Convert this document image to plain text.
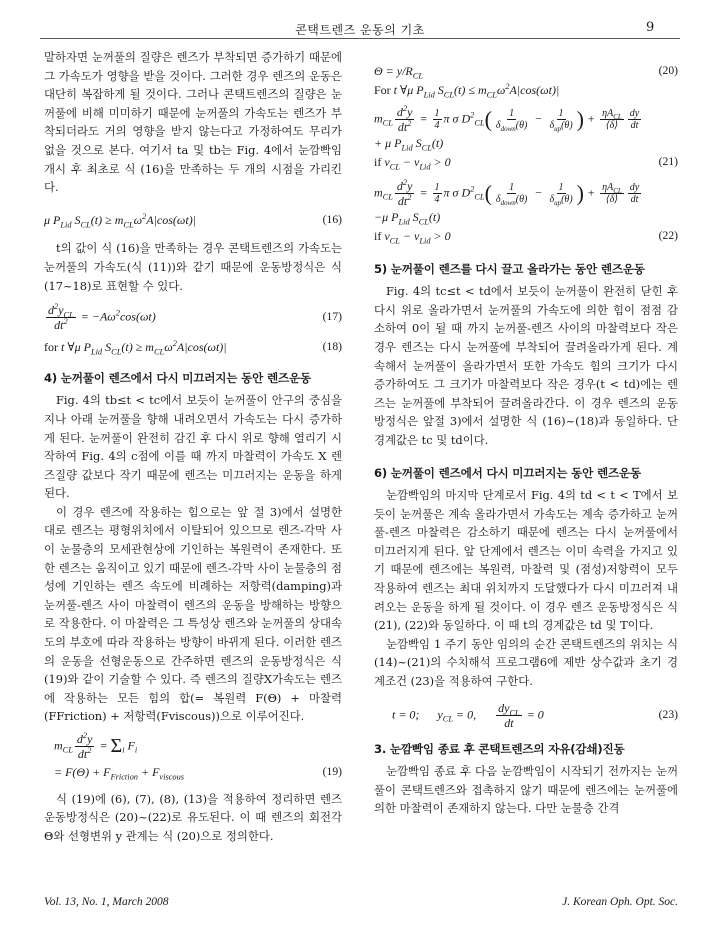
콘택트렌즈 운동의 기초	9

말하자면 눈꺼풀의 질량은 렌즈가 부착되면 증가하기 때문에 그 가속도가 영향을 받을 것이다. 그러한 경우 렌즈의 운동은 대단히 복잡하게 될 것이다. 그러나 콘택트렌즈의 질량은 눈꺼풀에 비해 미미하기 때문에 눈꺼풀의 가속도는 렌즈가 부착되더라도 거의 영향을 받지 않는다고 가정하여도 무리가 없을 것으로 본다. 여기서 ta 및 tb는 Fig. 4에서 눈깜빡임 개시 후 최초로 식 (16)을 만족하는 두 개의 시점을 가리킨다.

μ $P_{Lid}$ $S_{CL}(t) \ge m_{CL}\omega^2A|\cos(\omega t)|$	(16)

t의 값이 식 (16)을 만족하는 경우 콘택트렌즈의 가속도는 눈꺼풀의 가속도(식 (11))와 같기 때문에 운동방정식은 식 (17~18)로 표현할 수 있다.

$\frac{d^2y_{CL}}{dt^2} = -A\omega^2\cos(\omega t)$	(17)
for t ∀μ $P_{Lid}$ $S_{CL}(t) \ge m_{CL}\omega^2A|\cos(\omega t)|$	(18)
4) 눈꺼풀이 렌즈에서 다시 미끄러지는 동안 렌즈운동

Fig. 4의 tb≤t < tc에서 보듯이 눈꺼풀이 안구의 중심을 지나 아래 눈꺼풀을 향해 내려오면서 가속도는 다시 증가하게 된다. 눈꺼풀이 완전히 감긴 후 다시 위로 향해 열리기 시작하여 Fig. 4의 c점에 이를 때 까지 마찰력이 가속도 X 렌즈질량 값보다 작기 때문에 렌즈는 미끄러지는 운동을 하게 된다.

이 경우 렌즈에 작용하는 힘으로는 앞 절 3)에서 설명한 대로 렌즈는 평형위치에서 이탈되어 있으므로 렌즈-각막 사이 눈물층의 모세관현상에 기인하는 복원력이 존재한다. 또한 렌즈는 움직이고 있기 때문에 렌즈-각막 사이 눈물층의 점성에 기인하는 렌즈 속도에 비례하는 저항력(damping)과 눈꺼풀-렌즈 사이 마찰력이 렌즈의 운동을 방해하는 방향으로 작용한다. 이 마찰력은 그 특성상 렌즈와 눈꺼풀의 상대속도의 부호에 따라 작용하는 방향이 바뀌게 된다. 이러한 렌즈의 운동을 선형운동으로 간주하면 렌즈의 운동방정식은 식 (19)와 같이 기술할 수 있다. 즉 렌즈의 질량X가속도는 렌즈에 작용하는 모든 힘의 합(= 복원력 F(Θ) + 마찰력(FFriction) + 저항력(Fviscous))으로 이루어진다.

$m_{CL} \frac{d^2y}{dt^2} = \Sigma_i$ $F_i$
= $F(\Theta) + F_{Friction} + F_{viscous}$	(19)

식 (19)에 (6), (7), (8), (13)을 적용하여 정리하면 렌즈 운동방정식은 (20)~(22)로 유도된다. 이 때 렌즈의 회전각 Θ와 선형변위 y 관계는 식 (20)으로 정의한다.

$\Theta = y/R_{CL}$	(20)
For t ∀μ $P_{Lid}$ $S_{CL}(t) \le m_{CL}\omega^2A|\cos(\omega t)|$
$m_{CL} \frac{d^2y}{dt^2} = \frac{1}{4}$ π σ $D^2_{CL}( \frac{1}{\delta_{down}(\theta)} - \frac{1}{\delta_{up}(\theta)}$ ) + $\frac{\eta A_{CL}}{⟨\delta⟩} \frac{dy}{dt}$
+ μ $P_{Lid}$ $S_{CL}(t)$
if $v_{CL} - v_{Lid} > 0$	(21)
$m_{CL} \frac{d^2y}{dt^2} = \frac{1}{4}$ π σ $D^2_{CL}( \frac{1}{\delta_{down}(\theta)} - \frac{1}{\delta_{up}(\theta)}$ ) + $\frac{\eta A_{CL}}{⟨\delta⟩} \frac{dy}{dt}$
−μ $P_{Lid}$ $S_{CL}(t)$
if $v_{CL} - v_{Lid} > 0$	(22)
5) 눈꺼풀이 렌즈를 다시 끌고 올라가는 동안 렌즈운동

Fig. 4의 tc≤t < td에서 보듯이 눈꺼풀이 완전히 닫힌 후 다시 위로 올라가면서 눈꺼풀의 가속도에 의한 힘이 점점 감소하여 0이 될 때 까지 눈꺼풀-렌즈 사이의 마찰력보다 작은 경우 렌즈는 다시 눈꺼풀에 부착되어 끌려올라가게 된다. 계속해서 눈꺼풀이 올라가면서 또한 가속도 힘의 크기가 다시 증가하여도 그 크기가 마찰력보다 작은 경우(t < td)에는 렌즈는 눈꺼풀에 부착되어 끌려올라간다. 이 경우 렌즈의 운동방정식은 앞절 3)에서 설명한 식 (16)~(18)과 동일하다. 단 경계값은 tc 및 td이다.

6) 눈꺼풀이 렌즈에서 다시 미끄러지는 동안 렌즈운동

눈깜빡임의 마지막 단계로서 Fig. 4의 td < t < T에서 보듯이 눈꺼풀은 계속 올라가면서 가속도는 계속 증가하고 눈꺼풀-렌즈 마찰력은 감소하기 때문에 렌즈는 다시 눈꺼풀에서 미끄러지게 된다. 앞 단계에서 렌즈는 이미 속력을 가지고 있기 때문에 렌즈에는 복원력, 마찰력 및 (점성)저항력이 모두 작용하여 렌즈는 최대 위치까지 도달했다가 다시 미끄러져 내려오는 운동을 하게 될 것이다. 이 경우 렌즈 운동방정식은 식 (21), (22)와 동일하다. 이 때 t의 경계값은 td 및 T이다.

눈깜빡임 1 주기 동안 임의의 순간 콘택트렌즈의 위치는 식 (14)~(21)의 수치해석 프로그램6에 제반 상수값과 초기 경계조건 (23)을 적용하여 구한다.

t = 0;      $y_{CL} = 0$, $\frac{dy_{CL}}{dt} = 0$	(23)
3. 눈깜빡임 종료 후 콘택트렌즈의 자유(감쇄)진동

눈깜빡임 종료 후 다음 눈깜빡임이 시작되기 전까지는 눈꺼풀이 콘택트렌즈와 접촉하지 않기 때문에 렌즈에는 눈꺼풀에 의한 마찰력이 존재하지 않는다. 다만 눈물층 간격

Vol. 13, No. 1, March 2008	J. Korean Oph. Opt. Soc.
